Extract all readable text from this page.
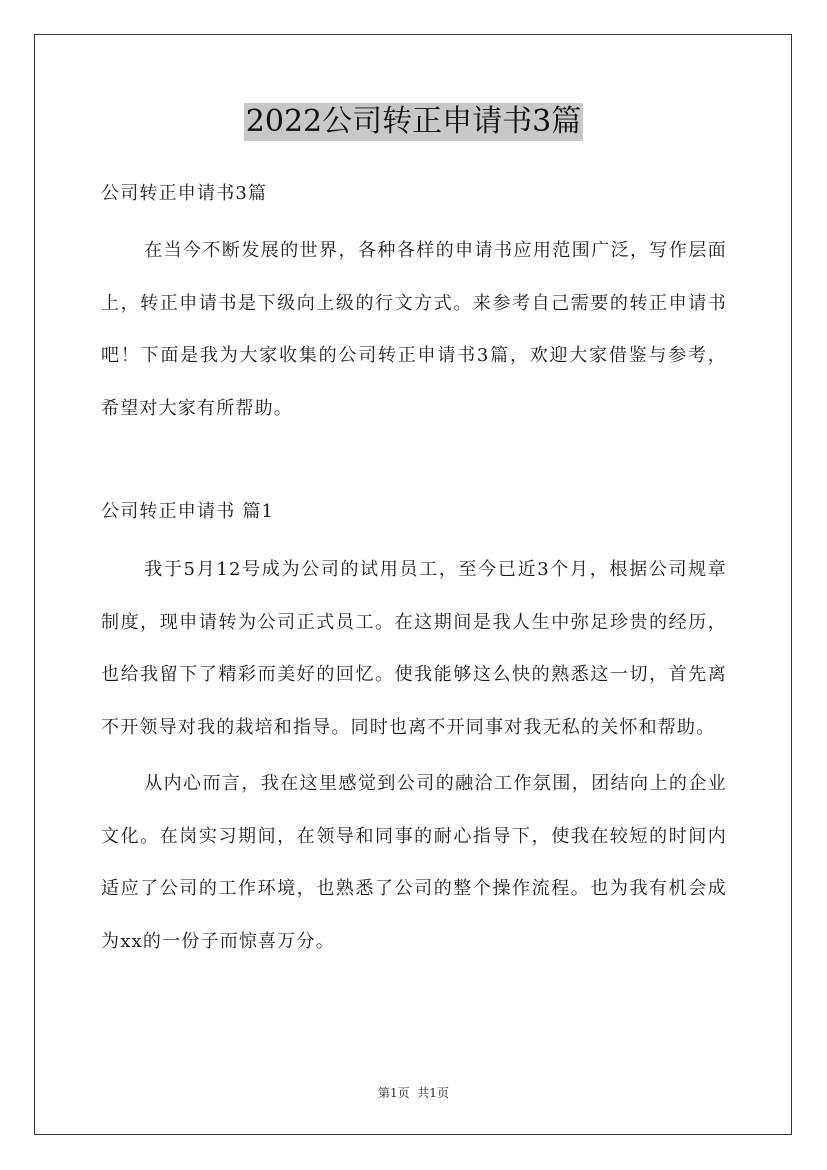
2022公司转正申请书3篇
公司转正申请书3篇

在当今不断发展的世界，各种各样的申请书应用范围广泛，写作层面上，转正申请书是下级向上级的行文方式。来参考自己需要的转正申请书吧！下面是我为大家收集的公司转正申请书3篇，欢迎大家借鉴与参考，希望对大家有所帮助。

公司转正申请书 篇1

我于5月12号成为公司的试用员工，至今已近3个月，根据公司规章制度，现申请转为公司正式员工。在这期间是我人生中弥足珍贵的经历，也给我留下了精彩而美好的回忆。使我能够这么快的熟悉这一切，首先离不开领导对我的栽培和指导。同时也离不开同事对我无私的关怀和帮助。

从内心而言，我在这里感觉到公司的融洽工作氛围，团结向上的企业文化。在岗实习期间，在领导和同事的耐心指导下，使我在较短的时间内适应了公司的工作环境，也熟悉了公司的整个操作流程。也为我有机会成为xx的一份子而惊喜万分。

第1页  共1页
